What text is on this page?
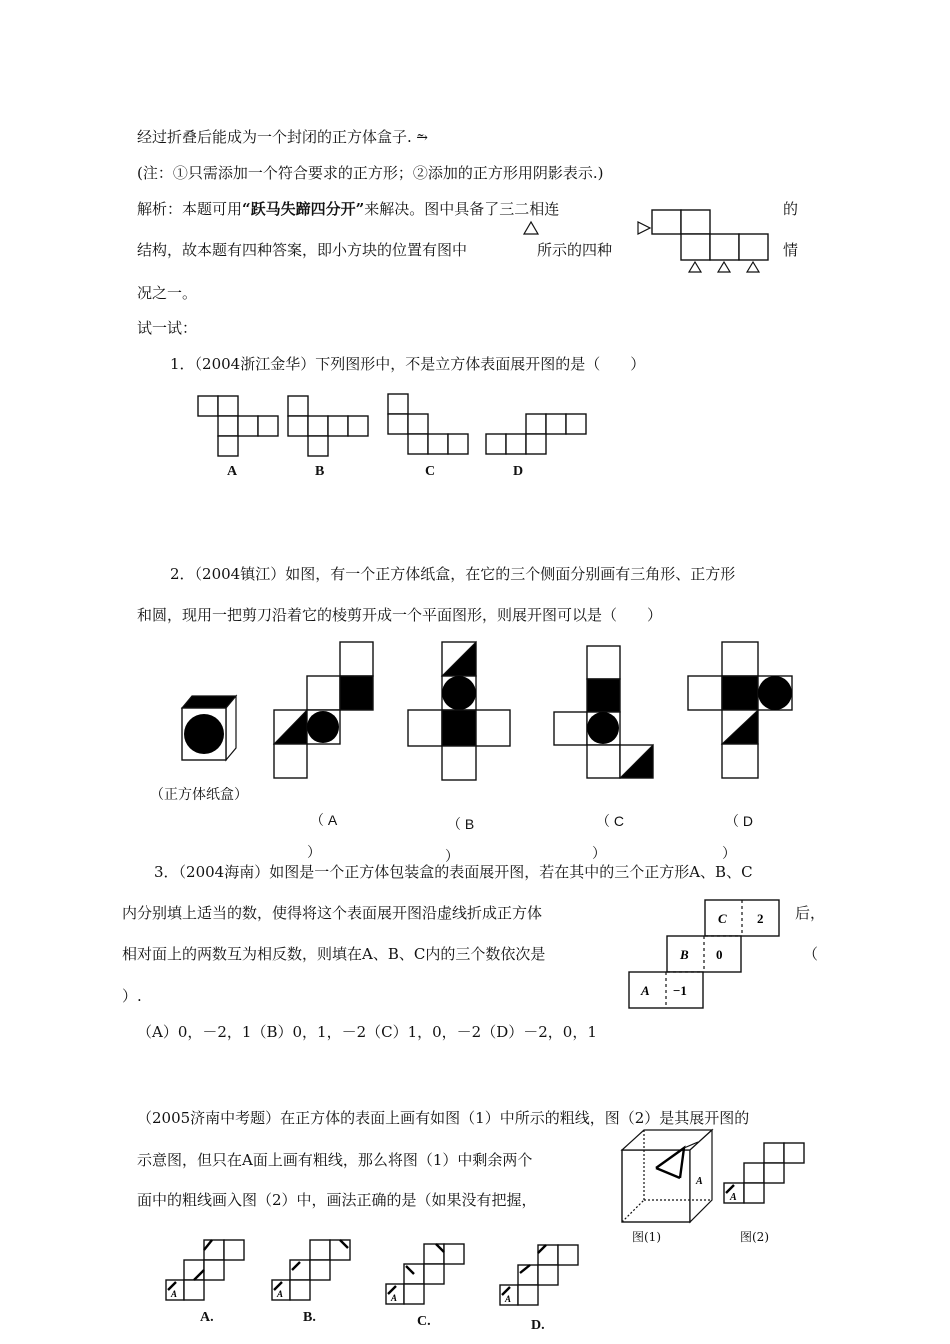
经过折叠后能成为一个封闭的正方体盒子. ⥲
(注：①只需添加一个符合要求的正方形；②添加的正方形用阴影表示.)
解析：本题可用“跃马失蹄四分开”来解决。图中具备了三二相连	的
结构，故本题有四种答案，即小方块的位置有图中	所示的四种	情
况之一。
试一试：
1．（2004浙江金华）下列图形中，不是立方体表面展开图的是（　　）
A	B	C	D
2．（2004镇江）如图，有一个正方体纸盒，在它的三个侧面分别画有三角形、正方形
和圆，现用一把剪刀沿着它的棱剪开成一个平面图形，则展开图可以是（　　）
（正方体纸盒）
（ A
）
（ B
）
（ C
）
（ D
）
3．（2004海南）如图是一个正方体包装盒的表面展开图，若在其中的三个正方形A、B、C
内分别填上适当的数，使得将这个表面展开图沿虚线折成正方体	后，
相对面上的两数互为相反数，则填在A、B、C内的三个数依次是	（
）.
（A）0，－2，1（B）0，1，－2（C）1，0，－2（D）－2，0，1
C 2
B 0
A −1
（2005济南中考题）在正方体的表面上画有如图（1）中所示的粗线，图（2）是其展开图的
示意图，但只在A面上画有粗线，那么将图（1）中剩余两个
面中的粗线画入图（2）中，画法正确的是（如果没有把握，
A
图(1)
A
图(2)
A	A	A	A
A.	B.	C.	D.
